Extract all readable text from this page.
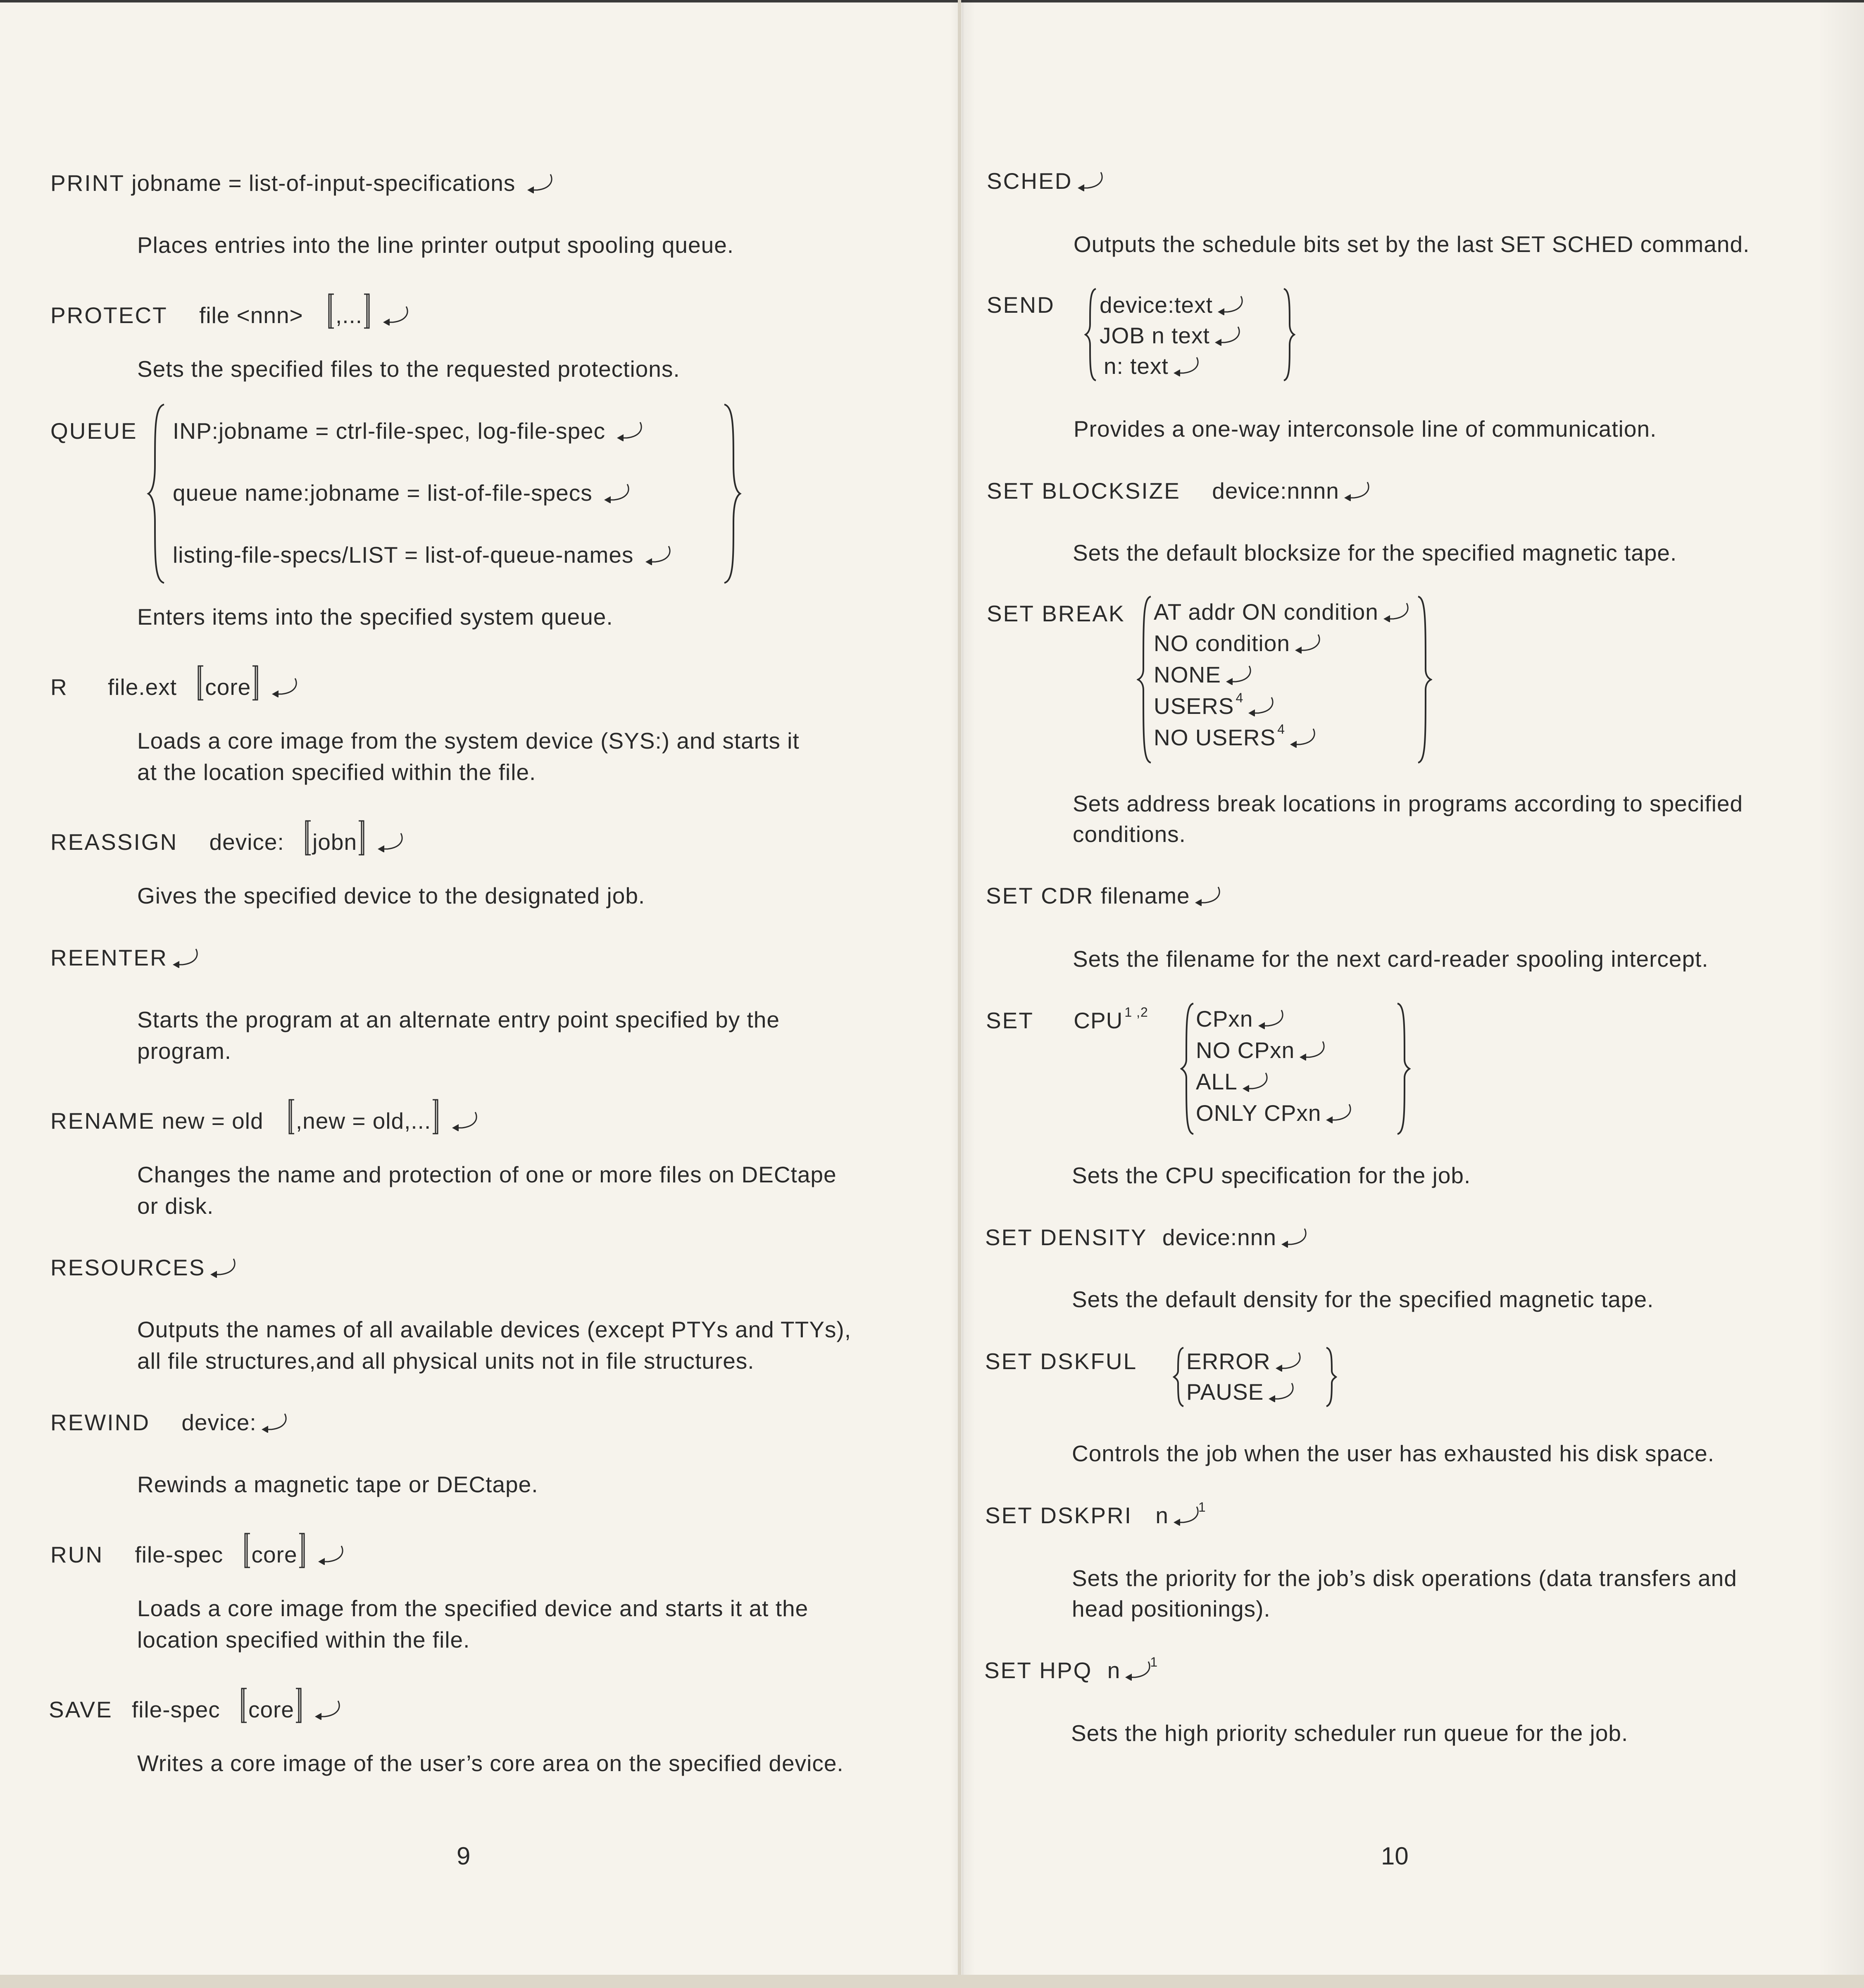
PRINT jobname = list-of-input-specifications
Places entries into the line printer output spooling queue.
PROTECT file <nnn> ,...
Sets the specified files to the requested protections.
QUEUE INP:jobname = ctrl-file-spec, log-file-spec
queue name:jobname = list-of-file-specs
listing-file-specs/LIST = list-of-queue-names
Enters items into the specified system queue.
R file.ext core
Loads a core image from the system device (SYS:) and starts it
at the location specified within the file.
REASSIGN device: jobn
Gives the specified device to the designated job.
REENTER
Starts the program at an alternate entry point specified by the
program.
RENAME new = old ,new = old,...
Changes the name and protection of one or more files on DECtape
or disk.
RESOURCES
Outputs the names of all available devices (except PTYs and TTYs),
all file structures,and all physical units not in file structures.
REWIND device:
Rewinds a magnetic tape or DECtape.
RUN file-spec core
Loads a core image from the specified device and starts it at the
location specified within the file.
SAVE file-spec core
Writes a core image of the user’s core area on the specified device.
9
SCHED
Outputs the schedule bits set by the last SET SCHED command.
SEND device:text
JOB n text
n: text
Provides a one-way interconsole line of communication.
SET BLOCKSIZE device:nnnn
Sets the default blocksize for the specified magnetic tape.
SET BREAK AT addr ON condition
NO condition
NONE
USERS $^4$
NO USERS $^4$
Sets address break locations in programs according to specified
conditions.
SET CDR filename
Sets the filename for the next card-reader spooling intercept.
SET CPU $^{1 ,2}$ CPxn
NO CPxn
ALL
ONLY CPxn
Sets the CPU specification for the job.
SET DENSITY device:nnn
Sets the default density for the specified magnetic tape.
SET DSKFUL ERROR
PAUSE
Controls the job when the user has exhausted his disk space.
SET DSKPRI n $^1$
Sets the priority for the job’s disk operations (data transfers and
head positionings).
SET HPQ n $^1$
Sets the high priority scheduler run queue for the job.
10
